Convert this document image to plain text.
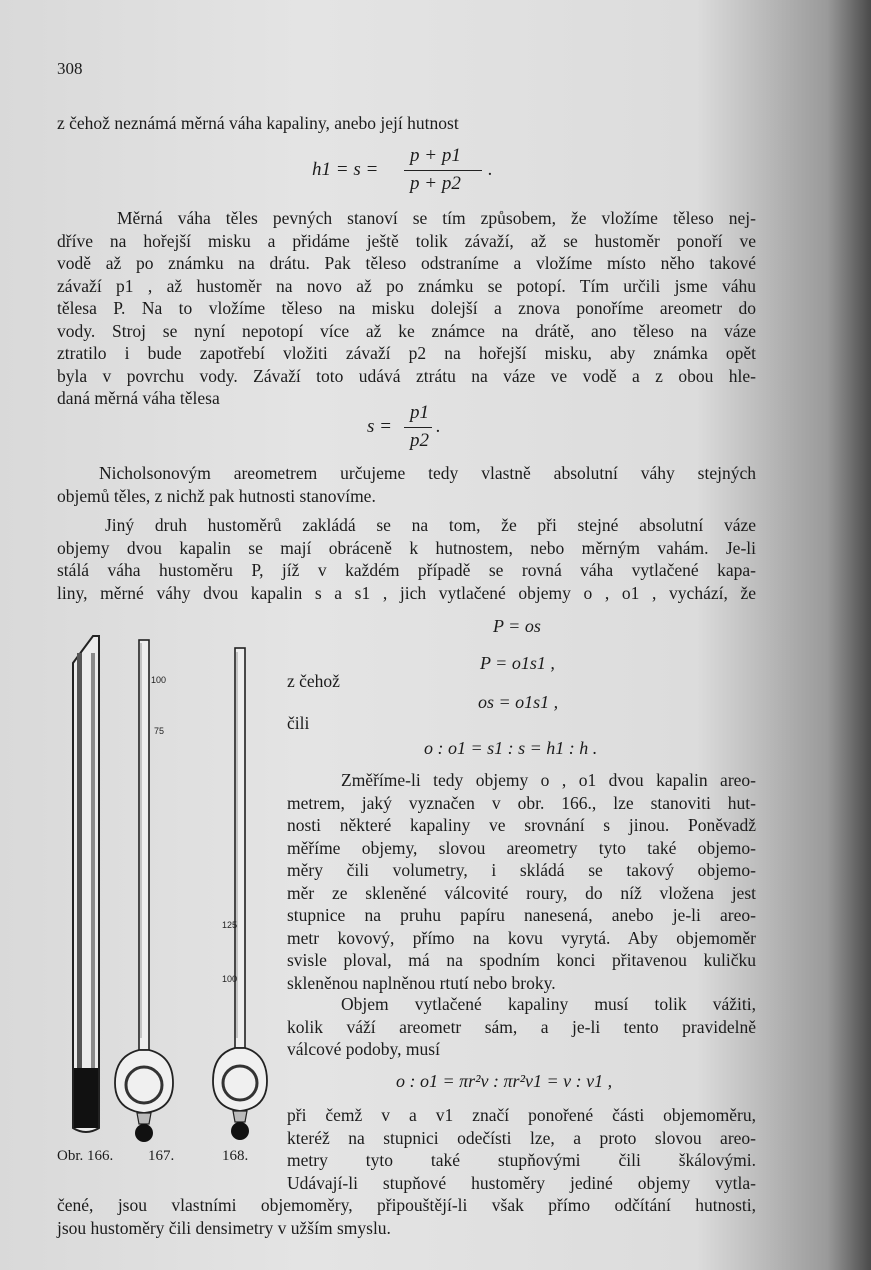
308
z čehož neznámá měrná váha kapaliny, anebo její hutnost
h1 = s =
p + p1
p + p2
.

Měrná váha těles pevných stanoví se tím způsobem, že vložíme těleso nej-

dříve na hořejší misku a přidáme ještě tolik závaží, až se hustoměr ponoří ve

vodě až po známku na drátu. Pak těleso odstraníme a vložíme místo něho takové

závaží p1 , až hustoměr na novo až po známku se potopí. Tím určili jsme váhu

tělesa P. Na to vložíme těleso na misku dolejší a znova ponoříme areometr do

vody. Stroj se nyní nepotopí více až ke známce na drátě, ano těleso na váze

ztratilo i bude zapotřebí vložiti závaží p2 na hořejší misku, aby známka opět

byla v povrchu vody. Závaží toto udává ztrátu na váze ve vodě a z obou hle-

daná měrná váha tělesa

s =
p1
p2
.

Nicholsonovým areometrem určujeme tedy vlastně absolutní váhy stejných

objemů těles, z nichž pak hutnosti stanovíme.

Jiný druh hustoměrů zakládá se na tom, že při stejné absolutní váze

objemy dvou kapalin se mají obráceně k hutnostem, nebo měrným vahám. Je-li

stálá váha hustoměru P, jíž v každém případě se rovná váha vytlačené kapa-

liny, měrné váhy dvou kapalin s a s1 , jich vytlačené objemy o , o1 , vychází, že

P = os
z čehož
P = o1s1 ,
os = o1s1 ,
čili
o : o1 = s1 : s = h1 : h .

Změříme-li tedy objemy o , o1 dvou kapalin areo-

metrem, jaký vyznačen v obr. 166., lze stanoviti hut-

nosti některé kapaliny ve srovnání s jinou. Poněvadž

měříme objemy, slovou areometry tyto také objemo-

měry čili volumetry, i skládá se takový objemo-

měr ze skleněné válcovité roury, do níž vložena jest

stupnice na pruhu papíru nanesená, anebo je-li areo-

metr kovový, přímo na kovu vyrytá. Aby objemoměr

svisle ploval, má na spodním konci přitavenou kuličku

skleněnou naplněnou rtutí nebo broky.

Objem vytlačené kapaliny musí tolik vážiti,

kolik váží areometr sám, a je-li tento pravidelně

válcové podoby, musí

o : o1 = πr²v : πr²v1 = v : v1 ,

při čemž v a v1 značí ponořené části objemoměru,

kteréž na stupnici odečísti lze, a proto slovou areo-

metry tyto také stupňovými čili škálovými.

Udávají-li stupňové hustoměry jediné objemy vytla-

čené, jsou vlastními objemoměry, připouštějí-li však přímo odčítání hutnosti,

jsou hustoměry čili densimetry v užším smyslu.

100
75
125
100
Obr. 166. 167.	168.
